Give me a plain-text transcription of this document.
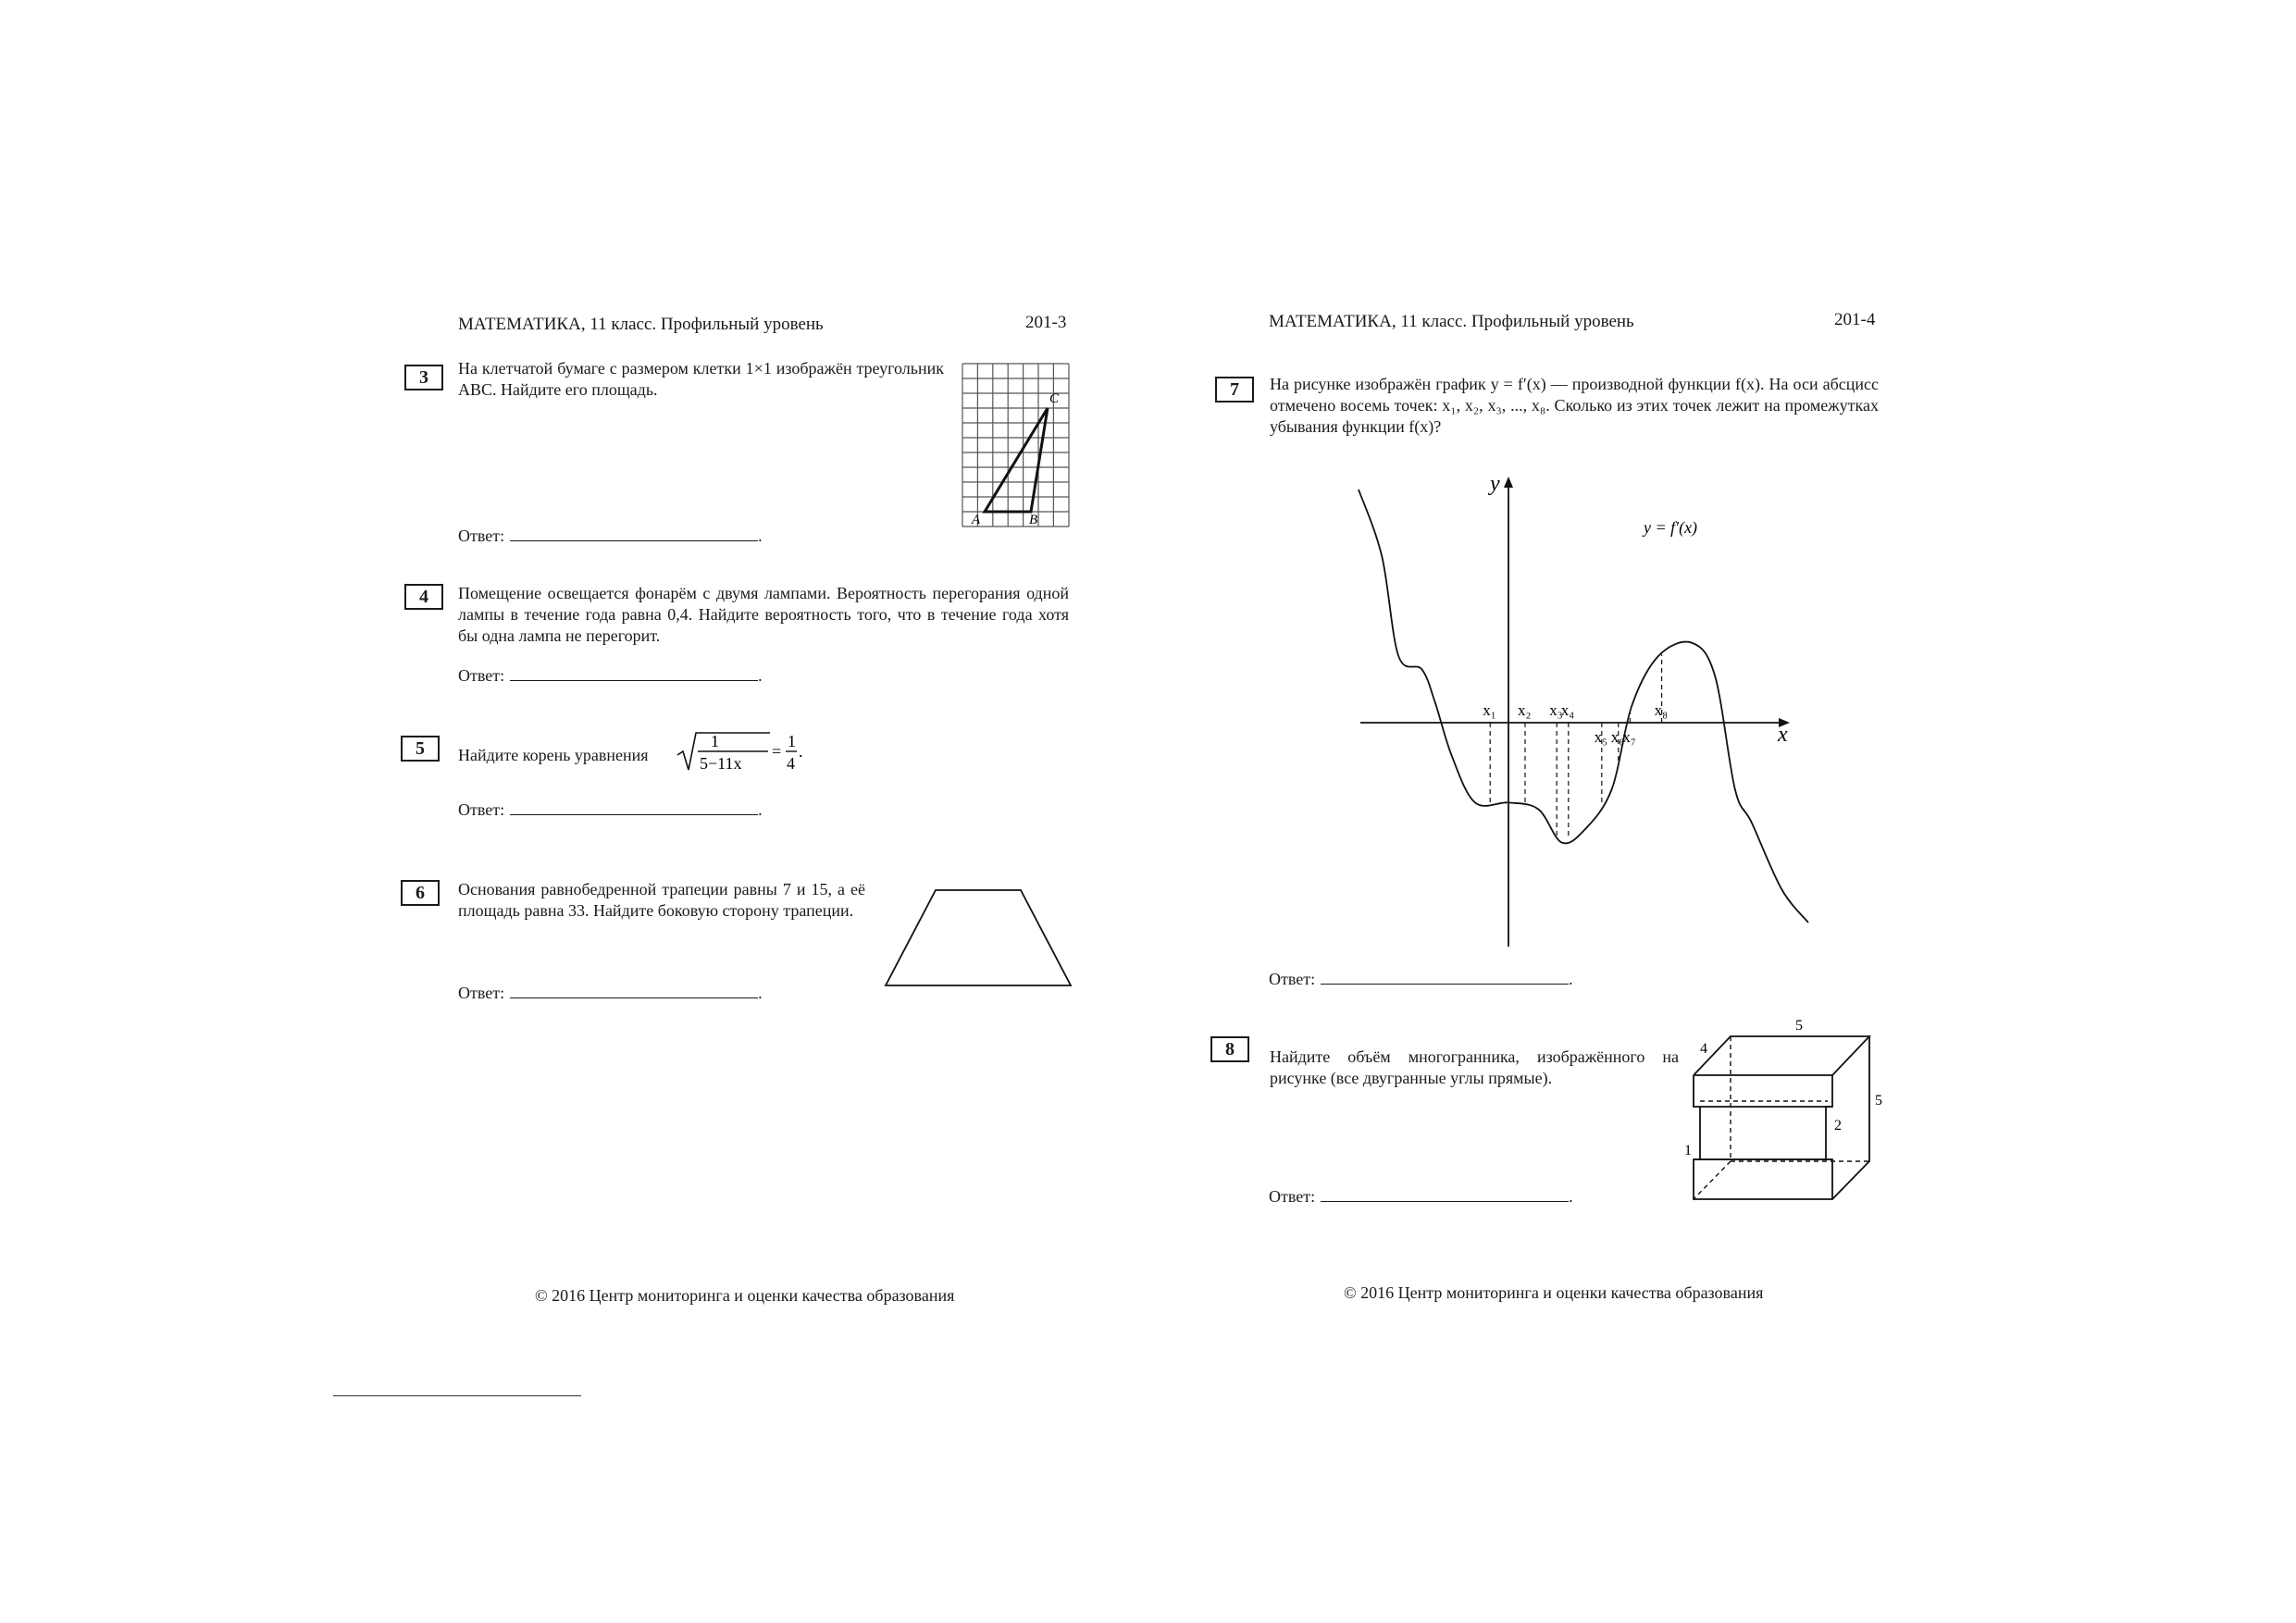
МАТЕМАТИКА, 11 класс. Профильный уровень	201-3
3	На клетчатой бумаге с размером клетки 1×1 изображён треугольник ABC. Найдите его площадь.
A	B
C
Ответ:	.
4	Помещение освещается фонарём с двумя лампами. Вероятность перегорания одной лампы в течение года равна 0,4. Найдите вероятность того, что в течение года хотя бы одна лампа не перегорит.
Ответ:	.
5	Найдите корень уравнения
1
5−11x
=
1
4
.
Ответ:	.
6	Основания равнобедренной трапеции равны 7 и 15, а её площадь равна 33. Найдите боковую сторону трапеции.
Ответ:	.
© 2016 Центр мониторинга и оценки качества образования
МАТЕМАТИКА, 11 класс. Профильный уровень	201-4
7	На рисунке изображён график y = f′(x) — производной функции f(x). На оси абсцисс отмечено восемь точек: x₁, x₂, x₃, ..., x₈. Сколько из этих точек лежит на промежутках убывания функции f(x)?
y
x
y = f′(x)
x₁ x₂ x₃
x₄
x₅ x₆
x₇
x₈
Ответ:	.
8	Найдите объём многогранника, изображённого на рисунке (все двугранные углы прямые).
5
4
5
2
1
Ответ:	.
© 2016 Центр мониторинга и оценки качества образования
